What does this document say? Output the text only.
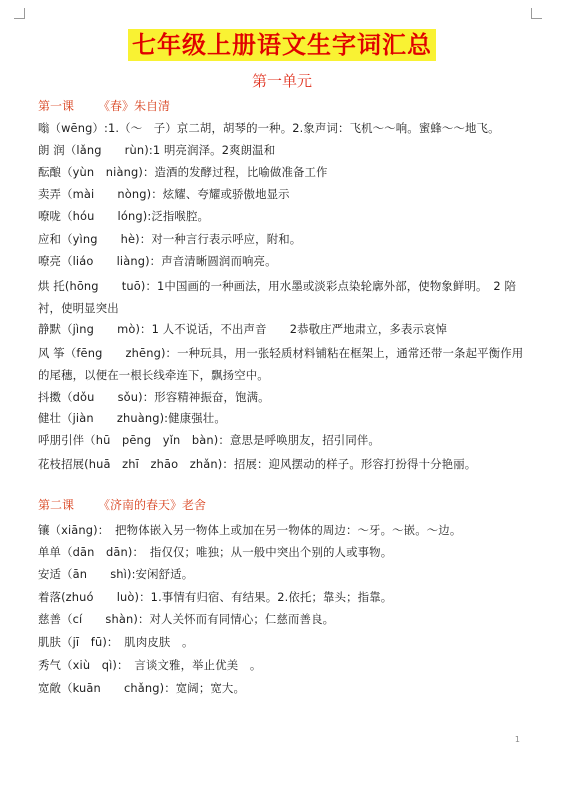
七年级上册语文生字词汇总
第一单元
第一课 《春》朱自清
嗡（wēng）:1.（～　子）京二胡，胡琴的一种。2.象声词：飞机～～响。蜜蜂～～地飞。
朗 润（lǎng　　rùn):1 明亮润泽。2爽朗温和
酝酿（yùn　niàng)：造酒的发酵过程，比喻做准备工作
卖弄（mài　　nòng)：炫耀、夸耀或骄傲地显示
嘹咙（hóu　　lóng):泛指喉腔。
应和（yìng　　hè)：对一种言行表示呼应，附和。
嘹亮（liáo　　liàng)：声音清晰圆润而响亮。
烘 托(hōng　　tuō)：1中国画的一种画法，用水墨或淡彩点染轮廓外部，使物象鲜明。　2 陪衬，使明显突出
静默（jìng　　mò)：1 人不说话，不出声音　　2恭敬庄严地肃立，多表示哀悼
风 筝（fēng　　zhēng)：一种玩具，用一张轻质材料铺粘在框架上，通常还带一条起平衡作用的尾穗，以便在一根长线牵连下，飘扬空中。
抖擞（dǒu　　sǒu)：形容精神振奋，饱满。
健壮（jiàn　　zhuàng):健康强壮。
呼朋引伴（hū　pēng　yǐn　bàn)：意思是呼唤朋友，招引同伴。
花枝招展(huā　zhī　zhāo　zhǎn)：招展：迎风摆动的样子。形容打扮得十分艳丽。
第二课 《济南的春天》老舍
镶（xiāng)：　把物体嵌入另一物体上或加在另一物体的周边：～牙。～嵌。～边。
单单（dān　dān)：　指仅仅；唯独；从一般中突出个别的人或事物。
安适（ān　　shì):安闲舒适。
着落(zhuó　　luò)：1.事情有归宿、有结果。2.依托；靠头；指靠。
慈善（cí　　shàn)：对人关怀而有同情心；仁慈而善良。
肌肤（jī　fū)：　肌肉皮肤　。
秀气（xiù　qì)：　言谈文雅，举止优美　。
宽敞（kuān　　chǎng)：宽阔；宽大。
1
